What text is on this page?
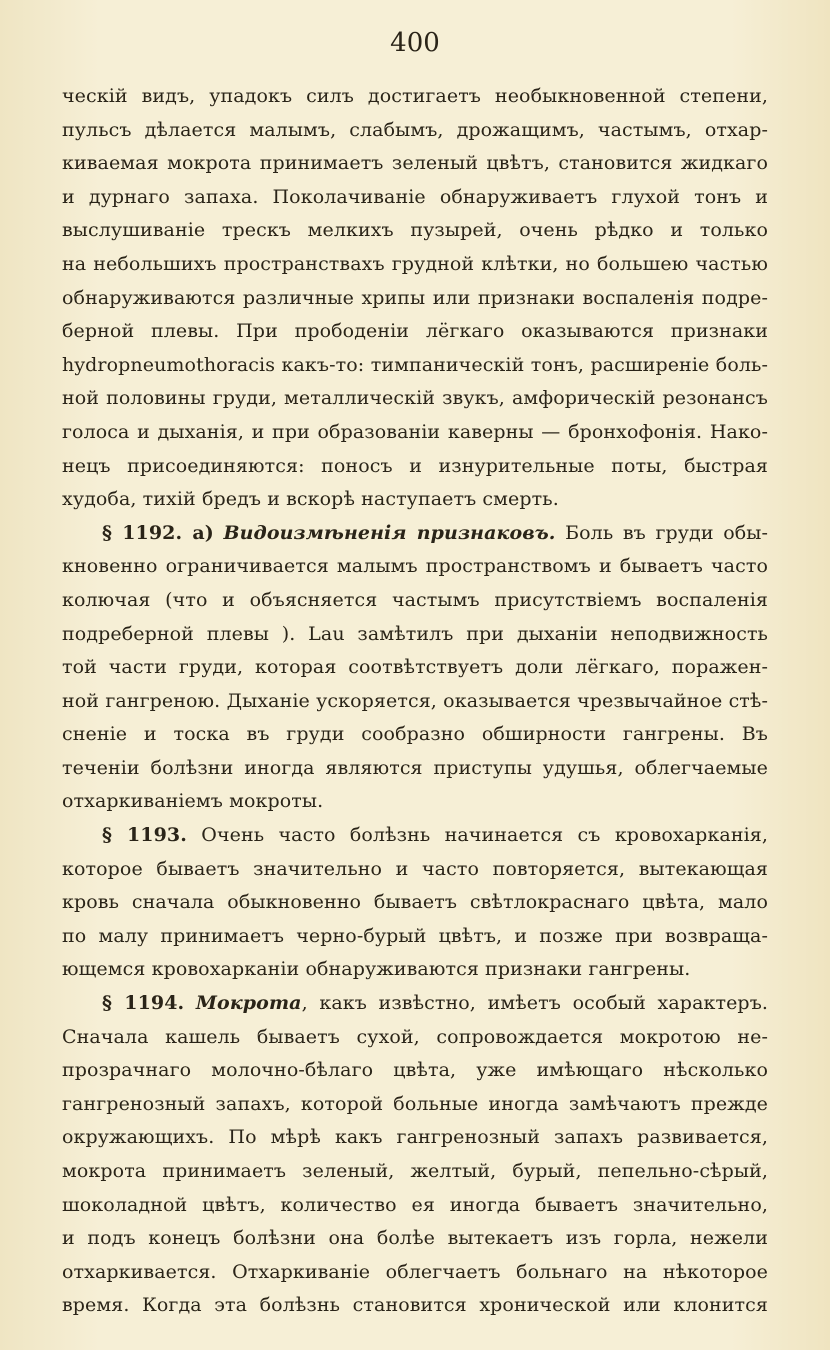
400
ческій видъ, упадокъ силъ достигаетъ необыкновенной степени,
пульсъ дѣлается малымъ, слабымъ, дрожащимъ, частымъ, отхар-
киваемая мокрота принимаетъ зеленый цвѣтъ, становится жидкаго
и дурнаго запаха. Поколачиваніе обнаруживаетъ глухой тонъ и
выслушиваніе трескъ мелкихъ пузырей, очень рѣдко и только
на небольшихъ пространствахъ грудной клѣтки, но большею частью
обнаруживаются различные хрипы или признаки воспаленія подре-
берной плевы. При прободеніи лёгкаго оказываются признаки
hydropneumothoracis какъ-то: тимпаническій тонъ, расширеніе боль-
ной половины груди, металлическій звукъ, амфорическій резонансъ
голоса и дыханія, и при образованіи каверны — бронхофонія. Нако-
нецъ присоединяются: поносъ и изнурительные поты, быстрая
худоба, тихій бредъ и вскорѣ наступаетъ смерть.
§ 1192. а) Видоизмѣненія признаковъ. Боль въ груди обы-
кновенно ограничивается малымъ пространствомъ и бываетъ часто
колючая (что и объясняется частымъ присутствіемъ воспаленія
подреберной плевы ). Lau замѣтилъ при дыханіи неподвижность
той части груди, которая соотвѣтствуетъ доли лёгкаго, поражен-
ной гангреною. Дыханіе ускоряется, оказывается чрезвычайное стѣ-
сненіе и тоска въ груди сообразно обширности гангрены. Въ
теченіи болѣзни иногда являются приступы удушья, облегчаемые
отхаркиваніемъ мокроты.
§ 1193. Очень часто болѣзнь начинается съ кровохарканія,
которое бываетъ значительно и часто повторяется, вытекающая
кровь сначала обыкновенно бываетъ свѣтлокраснаго цвѣта, мало
по малу принимаетъ черно-бурый цвѣтъ, и позже при возвраща-
ющемся кровохарканіи обнаруживаются признаки гангрены.
§ 1194. Мокрота, какъ извѣстно, имѣетъ особый характеръ.
Сначала кашель бываетъ сухой, сопровождается мокротою не-
прозрачнаго молочно-бѣлаго цвѣта, уже имѣющаго нѣсколько
гангренозный запахъ, которой больные иногда замѣчаютъ прежде
окружающихъ. По мѣрѣ какъ гангренозный запахъ развивается,
мокрота принимаетъ зеленый, желтый, бурый, пепельно-сѣрый,
шоколадной цвѣтъ, количество ея иногда бываетъ значительно,
и подъ конецъ болѣзни она болѣе вытекаетъ изъ горла, нежели
отхаркивается. Отхаркиваніе облегчаетъ больнаго на нѣкоторое
время. Когда эта болѣзнь становится хронической или клонится
